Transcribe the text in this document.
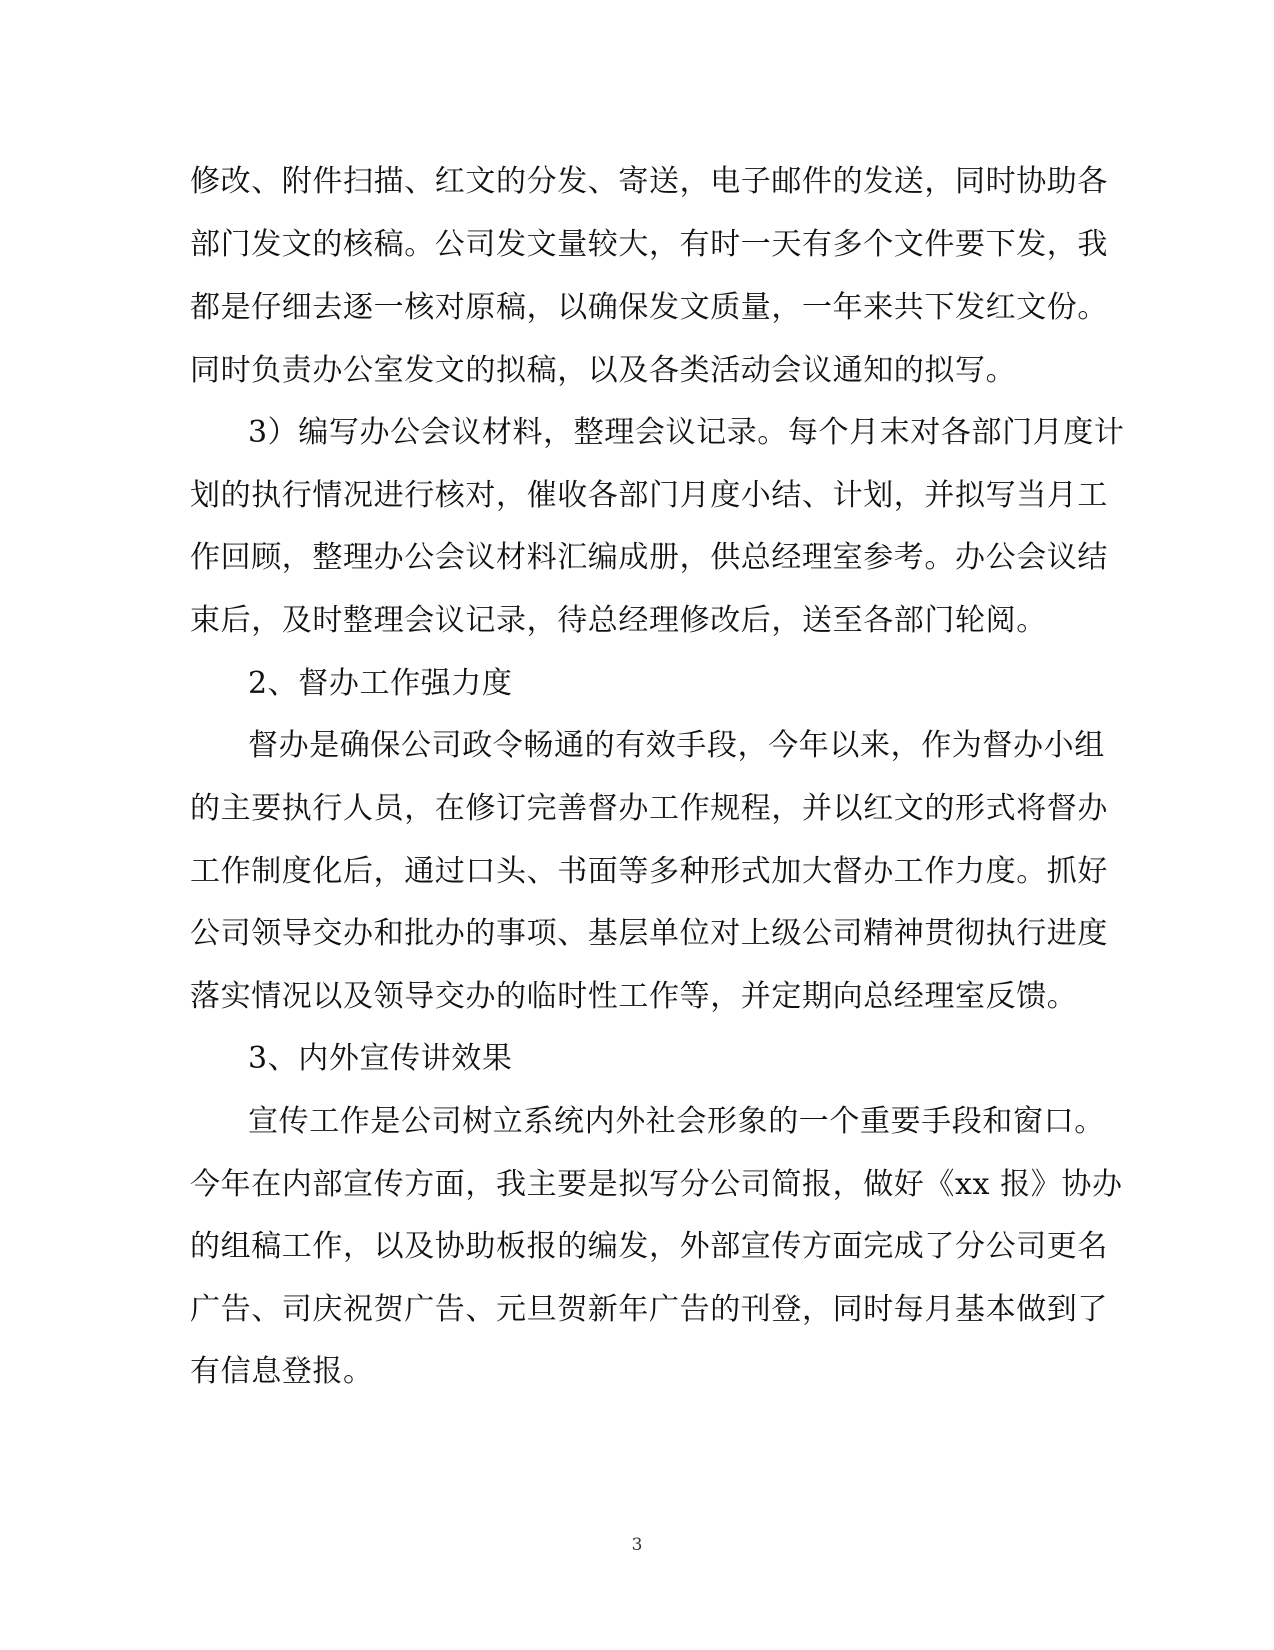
修改、附件扫描、红文的分发、寄送，电子邮件的发送，同时协助各
部门发文的核稿。公司发文量较大，有时一天有多个文件要下发，我
都是仔细去逐一核对原稿，以确保发文质量，一年来共下发红文份。
同时负责办公室发文的拟稿，以及各类活动会议通知的拟写。
3）编写办公会议材料，整理会议记录。每个月末对各部门月度计
划的执行情况进行核对，催收各部门月度小结、计划，并拟写当月工
作回顾，整理办公会议材料汇编成册，供总经理室参考。办公会议结
束后，及时整理会议记录，待总经理修改后，送至各部门轮阅。
2、督办工作强力度
督办是确保公司政令畅通的有效手段，今年以来，作为督办小组
的主要执行人员，在修订完善督办工作规程，并以红文的形式将督办
工作制度化后，通过口头、书面等多种形式加大督办工作力度。抓好
公司领导交办和批办的事项、基层单位对上级公司精神贯彻执行进度
落实情况以及领导交办的临时性工作等，并定期向总经理室反馈。
3、内外宣传讲效果
宣传工作是公司树立系统内外社会形象的一个重要手段和窗口。
今年在内部宣传方面，我主要是拟写分公司简报，做好《xx 报》协办
的组稿工作，以及协助板报的编发，外部宣传方面完成了分公司更名
广告、司庆祝贺广告、元旦贺新年广告的刊登，同时每月基本做到了
有信息登报。
3
